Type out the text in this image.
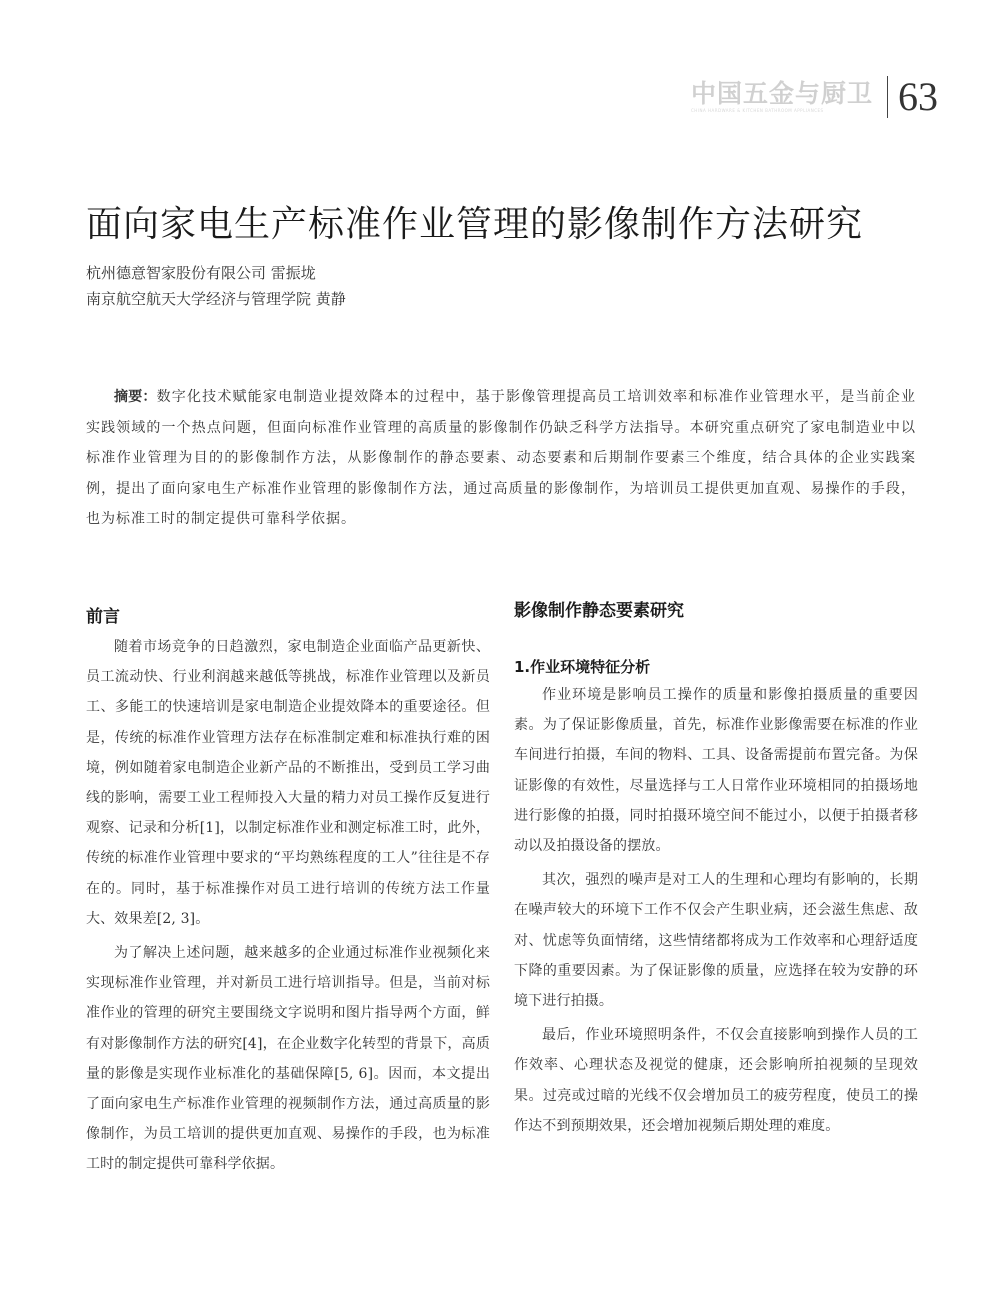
中国五金与厨卫
CHINA HARDWARE & KITCHEN BATHROOM APPLIANCES 63
面向家电生产标准作业管理的影像制作方法研究
杭州德意智家股份有限公司 雷振垅
南京航空航天大学经济与管理学院 黄静

摘要：数字化技术赋能家电制造业提效降本的过程中，基于影像管理提高员工培训效率和标准作业管理水平，是当前企业实践领域的一个热点问题，但面向标准作业管理的高质量的影像制作仍缺乏科学方法指导。本研究重点研究了家电制造业中以标准作业管理为目的的影像制作方法，从影像制作的静态要素、动态要素和后期制作要素三个维度，结合具体的企业实践案例，提出了面向家电生产标准作业管理的影像制作方法，通过高质量的影像制作，为培训员工提供更加直观、易操作的手段，也为标准工时的制定提供可靠科学依据。

前言

随着市场竞争的日趋激烈，家电制造企业面临产品更新快、员工流动快、行业利润越来越低等挑战，标准作业管理以及新员工、多能工的快速培训是家电制造企业提效降本的重要途径。但是，传统的标准作业管理方法存在标准制定难和标准执行难的困境，例如随着家电制造企业新产品的不断推出，受到员工学习曲线的影响，需要工业工程师投入大量的精力对员工操作反复进行观察、记录和分析[1]，以制定标准作业和测定标准工时，此外，传统的标准作业管理中要求的“平均熟练程度的工人”往往是不存在的。同时，基于标准操作对员工进行培训的传统方法工作量大、效果差[2, 3]。

为了解决上述问题，越来越多的企业通过标准作业视频化来实现标准作业管理，并对新员工进行培训指导。但是，当前对标准作业的管理的研究主要围绕文字说明和图片指导两个方面，鲜有对影像制作方法的研究[4]，在企业数字化转型的背景下，高质量的影像是实现作业标准化的基础保障[5, 6]。因而，本文提出了面向家电生产标准作业管理的视频制作方法，通过高质量的影像制作，为员工培训的提供更加直观、易操作的手段，也为标准工时的制定提供可靠科学依据。

影像制作静态要素研究
1.作业环境特征分析

作业环境是影响员工操作的质量和影像拍摄质量的重要因素。为了保证影像质量，首先，标准作业影像需要在标准的作业车间进行拍摄，车间的物料、工具、设备需提前布置完备。为保证影像的有效性，尽量选择与工人日常作业环境相同的拍摄场地进行影像的拍摄，同时拍摄环境空间不能过小，以便于拍摄者移动以及拍摄设备的摆放。

其次，强烈的噪声是对工人的生理和心理均有影响的，长期在噪声较大的环境下工作不仅会产生职业病，还会滋生焦虑、敌对、忧虑等负面情绪，这些情绪都将成为工作效率和心理舒适度下降的重要因素。为了保证影像的质量，应选择在较为安静的环境下进行拍摄。

最后，作业环境照明条件，不仅会直接影响到操作人员的工作效率、心理状态及视觉的健康，还会影响所拍视频的呈现效果。过亮或过暗的光线不仅会增加员工的疲劳程度，使员工的操作达不到预期效果，还会增加视频后期处理的难度。
